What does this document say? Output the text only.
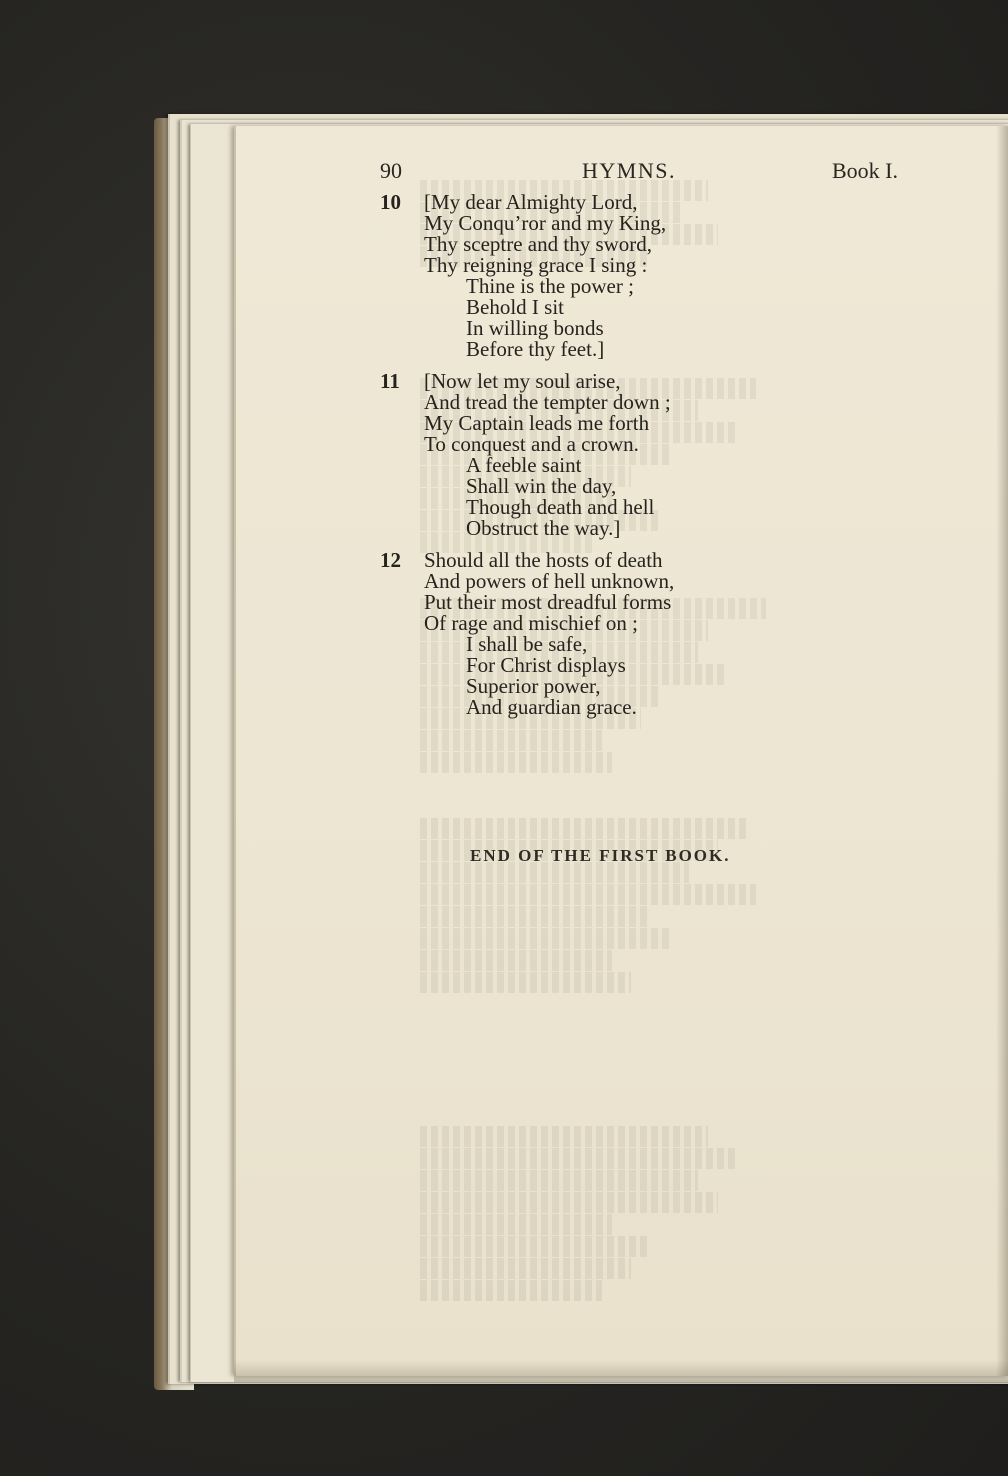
90	HYMNS.	Book I.
10	[My dear Almighty Lord,
My Conqu’ror and my King,
Thy sceptre and thy sword,
Thy reigning grace I sing :
Thine is the power ;
Behold I sit
In willing bonds
Before thy feet.]
11	[Now let my soul arise,
And tread the tempter down ;
My Captain leads me forth
To conquest and a crown.
A feeble saint
Shall win the day,
Though death and hell
Obstruct the way.]
12	Should all the hosts of death
And powers of hell unknown,
Put their most dreadful forms
Of rage and mischief on ;
I shall be safe,
For Christ displays
Superior power,
And guardian grace.
END OF THE FIRST BOOK.
